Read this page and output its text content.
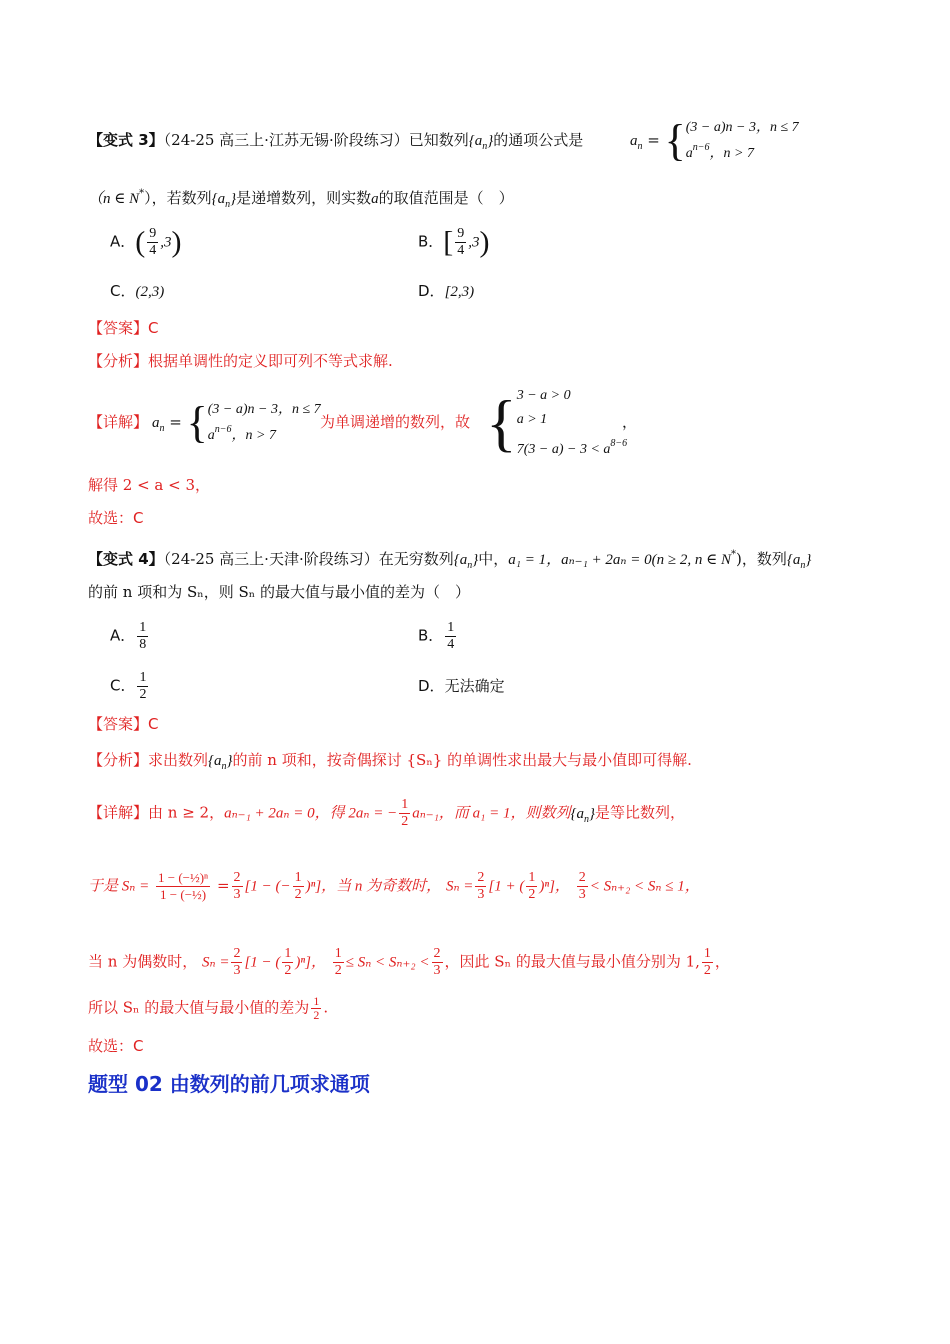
【变式 3】（24-25 高三上·江苏无锡·阶段练习）已知数列$\{a_n\}$的通项公式是	$a_n$ = { (3 − a)n − 3，n ≤ 7
$a^{n-6}$，n > 7
（n ∈ N*），若数列$\{a_n\}$是递增数列，则实数a的取值范围是（　）
A．( $\frac{9}{4} ,3$)	B．[ $\frac{9}{4} ,3$)
C．(2,3)	D．[2,3)
【答案】C
【分析】根据单调性的定义即可列不等式求解.
【详解】 $a_n$ = { (3 − a)n − 3，n ≤ 7
$a^{n-6}$，n > 7
为单调递增的数列，故 { 3 − a > 0
a > 1
$7(3 - a) - 3 < a^{8-6}$
，
解得 2 < a < 3，
故选：C
【变式 4】（24-25 高三上·天津·阶段练习）在无穷数列$\{a_n\}$中，a₁ = 1，aₙ₋₁ + 2aₙ = 0(n ≥ 2, n ∈ N*)，数列$\{a_n\}$
的前 n 项和为 Sₙ，则 Sₙ 的最大值与最小值的差为（　）
A． $\frac{1}{8}$	B． $\frac{1}{4}$
C． $\frac{1}{2}$	D．无法确定
【答案】C
【分析】求出数列$\{a_n\}$的前 n 项和，按奇偶探讨 {Sₙ} 的单调性求出最大与最小值即可得解.
【详解】由 n ≥ 2，aₙ₋₁ + 2aₙ = 0，得 2aₙ = − $\frac{1}{2} a_{n-1}$，而 a₁ = 1，则数列$\{a_n\}$是等比数列，
于是 $S_n = \frac{\text{1 − (−½)ⁿ}}{\text{1 − (−½)}} = \frac{2}{3} [1$ − (− $\frac{1}{2} )^n$]，当 n 为奇数时， $S_n = \frac{2}{3} [1$ + ( $\frac{1}{2} )^n$]， $\frac{2}{3} < S_{n+2} < S_n \le 1$，
当 n 为偶数时， $S_n = \frac{2}{3} [1$ − ( $\frac{1}{2} )^n$]， $\frac{1}{2} \le S_n < S_{n+2} < \frac{2}{3}$ ，因此 Sₙ 的最大值与最小值分别为 1, $\frac{1}{2}$ ，
所以 Sₙ 的最大值与最小值的差为 $\frac{1}{2}$ .
故选：C
题型 02 由数列的前几项求通项
